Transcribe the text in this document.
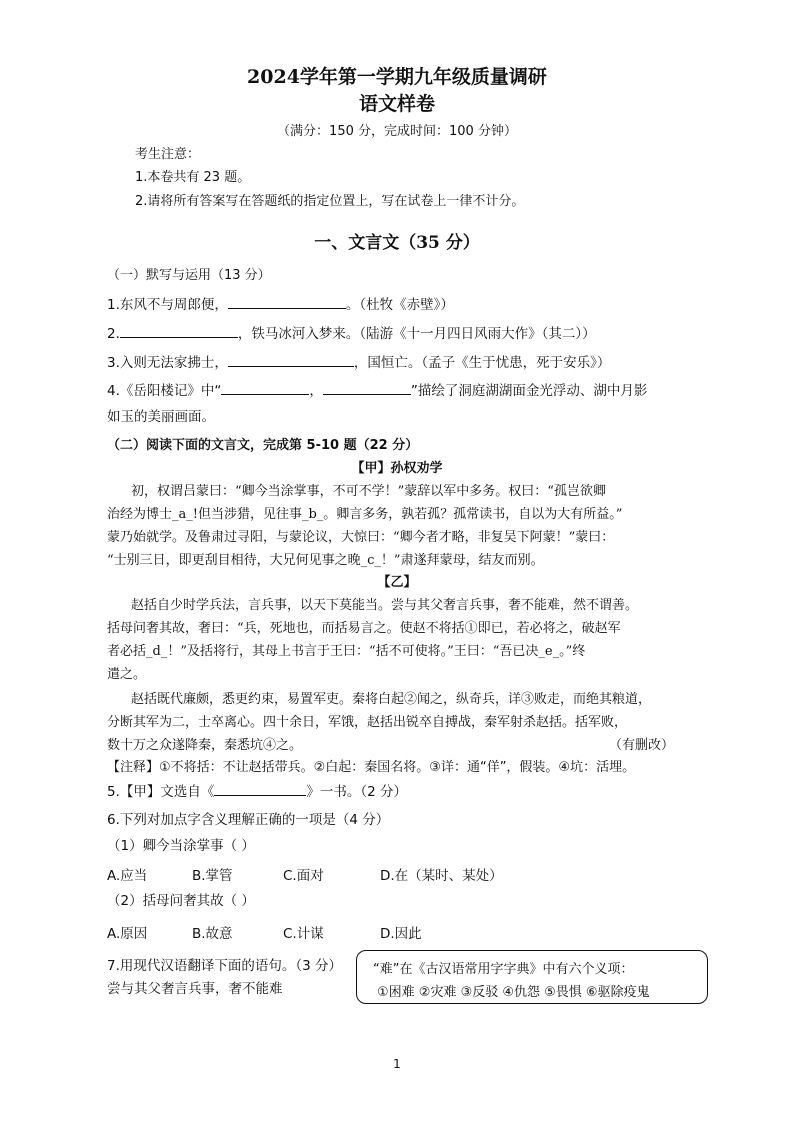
2024学年第一学期九年级质量调研
语文样卷
（满分：150 分，完成时间：100 分钟）
考生注意：
1.本卷共有 23 题。
2.请将所有答案写在答题纸的指定位置上，写在试卷上一律不计分。
一、文言文（35 分）
（一）默写与运用（13 分）
1.东风不与周郎便，	。（杜牧《赤壁》）
2.	，铁马冰河入梦来。（陆游《十一月四日风雨大作》（其二））
3.入则无法家拂士，	，国恒亡。（孟子《生于忧患，死于安乐》）
4.《岳阳楼记》中“	，	”描绘了洞庭湖湖面金光浮动、湖中月影
如玉的美丽画面。
（二）阅读下面的文言文，完成第 5-10 题（22 分）
【甲】孙权劝学
初，权谓吕蒙曰：“卿今当涂掌事，不可不学！”蒙辞以军中多务。权曰：“孤岂欲卿
治经为博士_a_!但当涉猎，见往事_b_。卿言多务，孰若孤？孤常读书，自以为大有所益。”
蒙乃始就学。及鲁肃过寻阳，与蒙论议，大惊曰：“卿今者才略，非复吴下阿蒙！”蒙曰：
“士别三日，即更刮目相待，大兄何见事之晚_c_！”肃遂拜蒙母，结友而别。
【乙】
赵括自少时学兵法，言兵事，以天下莫能当。尝与其父奢言兵事，奢不能难，然不谓善。
括母问奢其故，奢曰：“兵，死地也，而括易言之。使赵不将括①即已，若必将之，破赵军
者必括_d_！”及括将行，其母上书言于王曰：“括不可使将。”王曰：“吾已决_e_。”终
遣之。
赵括既代廉颇，悉更约束，易置军吏。秦将白起②闻之，纵奇兵，详③败走，而绝其粮道，
分断其军为二，士卒离心。四十余日，军饿，赵括出锐卒自搏战，秦军射杀赵括。括军败，
数十万之众遂降秦，秦悉坑④之。	（有删改）
【注释】①不将括：不让赵括带兵。②白起：秦国名将。③详：通“佯”，假装。④坑：活埋。
5.【甲】文选自《	》一书。（2 分）
6.下列对加点字含义理解正确的一项是（4 分）
（1）卿今当涂掌事（ ）
A.应当	B.掌管	C.面对	D.在（某时、某处）
（2）括母问奢其故（ ）
A.原因	B.故意	C.计谋	D.因此
7.用现代汉语翻译下面的语句。（3 分）
尝与其父奢言兵事，奢不能难
“难”在《古汉语常用字字典》中有六个义项：
①困难 ②灾难 ③反驳 ④仇怨 ⑤畏惧 ⑥驱除疫鬼
1
